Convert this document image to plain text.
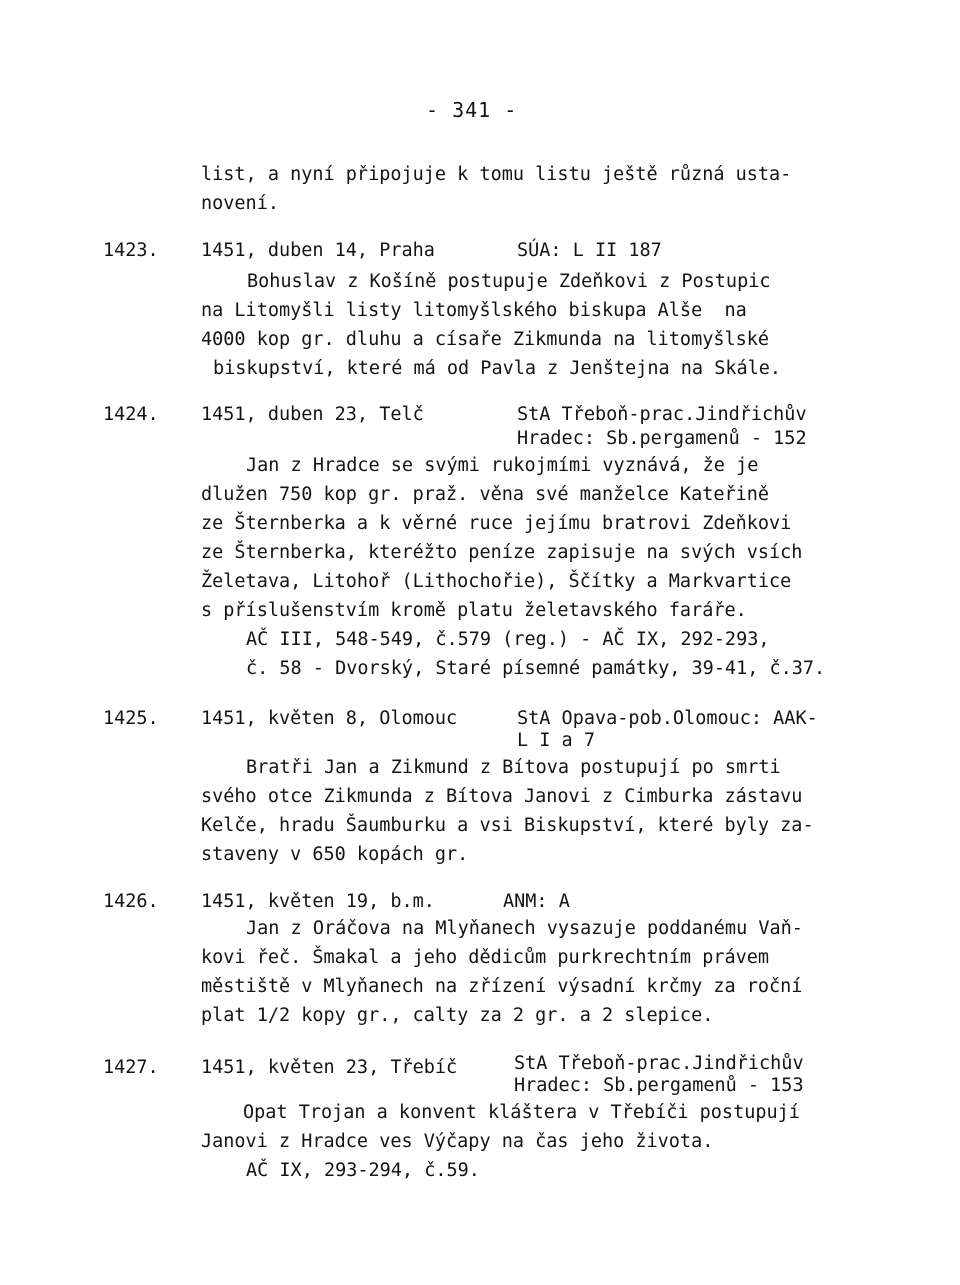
- 341 -
list, a nyní připojuje k tomu listu ještě různá usta-
novení.
1423. 1451, duben 14, Praha	SÚA: L II 187
Bohuslav z Košíně postupuje Zdeňkovi z Postupic
na Litomyšli listy litomyšlského biskupa Alše  na
4000 kop gr. dluhu a císaře Zikmunda na litomyšlské
biskupství, které má od Pavla z Jenštejna na Skále.
1424. 1451, duben 23, Telč	StA Třeboň-prac.Jindřichův
Hradec: Sb.pergamenů - 152
Jan z Hradce se svými rukojmími vyznává, že je
dlužen 750 kop gr. praž. věna své manželce Kateřině
ze Šternberka a k věrné ruce jejímu bratrovi Zdeňkovi
ze Šternberka, kteréžto peníze zapisuje na svých vsích
Želetava, Litohoř (Lithochořie), Ščítky a Markvartice
s příslušenstvím kromě platu želetavského faráře.
AČ III, 548-549, č.579 (reg.) - AČ IX, 292-293,
č. 58 - Dvorský, Staré písemné památky, 39-41, č.37.
1425. 1451, květen 8, Olomouc	StA Opava-pob.Olomouc: AAK-
L I a 7
Bratři Jan a Zikmund z Bítova postupují po smrti
svého otce Zikmunda z Bítova Janovi z Cimburka zástavu
Kelče, hradu Šaumburku a vsi Biskupství, které byly za-
staveny v 650 kopách gr.
1426. 1451, květen 19, b.m.	ANM: A
Jan z Oráčova na Mlyňanech vysazuje poddanému Vaň-
kovi řeč. Šmakal a jeho dědicům purkrechtním právem
městiště v Mlyňanech na zřízení výsadní krčmy za roční
plat 1/2 kopy gr., calty za 2 gr. a 2 slepice.
1427. 1451, květen 23, Třebíč	StA Třeboň-prac.Jindřichův
Hradec: Sb.pergamenů - 153
Opat Trojan a konvent kláštera v Třebíči postupují
Janovi z Hradce ves Výčapy na čas jeho života.
AČ IX, 293-294, č.59.
